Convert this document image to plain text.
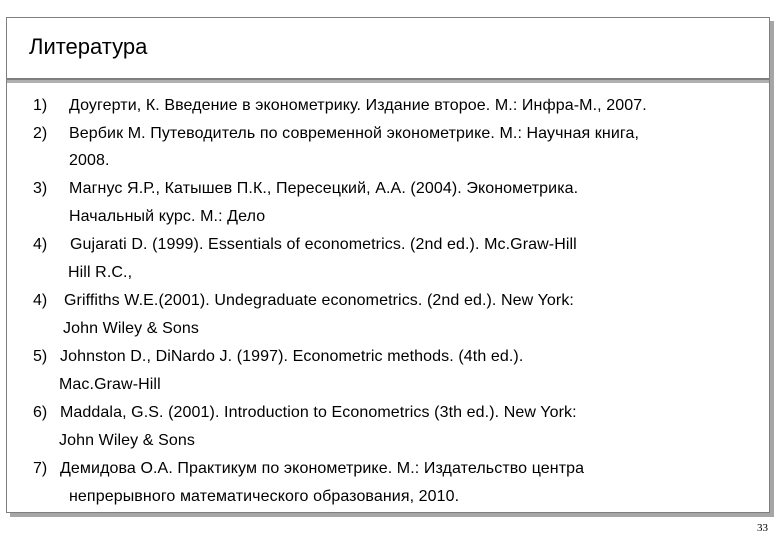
Литература
1) Доугерти, К. Введение в эконометрику. Издание второе. М.: Инфра-М., 2007.
2) Вербик М. Путеводитель по современной эконометрике. М.: Научная книга,
2008.
3) Магнус Я.Р., Катышев П.К., Пересецкий, А.А. (2004). Эконометрика.
Начальный курс. М.: Дело
4) Gujarati D. (1999). Essentials of econometrics. (2nd ed.). Mc.Graw-Hill
Hill R.C.,
4) Griffiths W.E.(2001). Undegraduate econometrics. (2nd ed.). New York:
John Wiley & Sons
5) Johnston D., DiNardo J. (1997). Econometric methods. (4th ed.).
Mac.Graw-Hill
6) Maddala, G.S. (2001). Introduction to Econometrics (3th ed.). New York:
John Wiley & Sons
7) Демидова О.А. Практикум по эконометрике. М.: Издательство центра
непрерывного математического образования, 2010.
33
